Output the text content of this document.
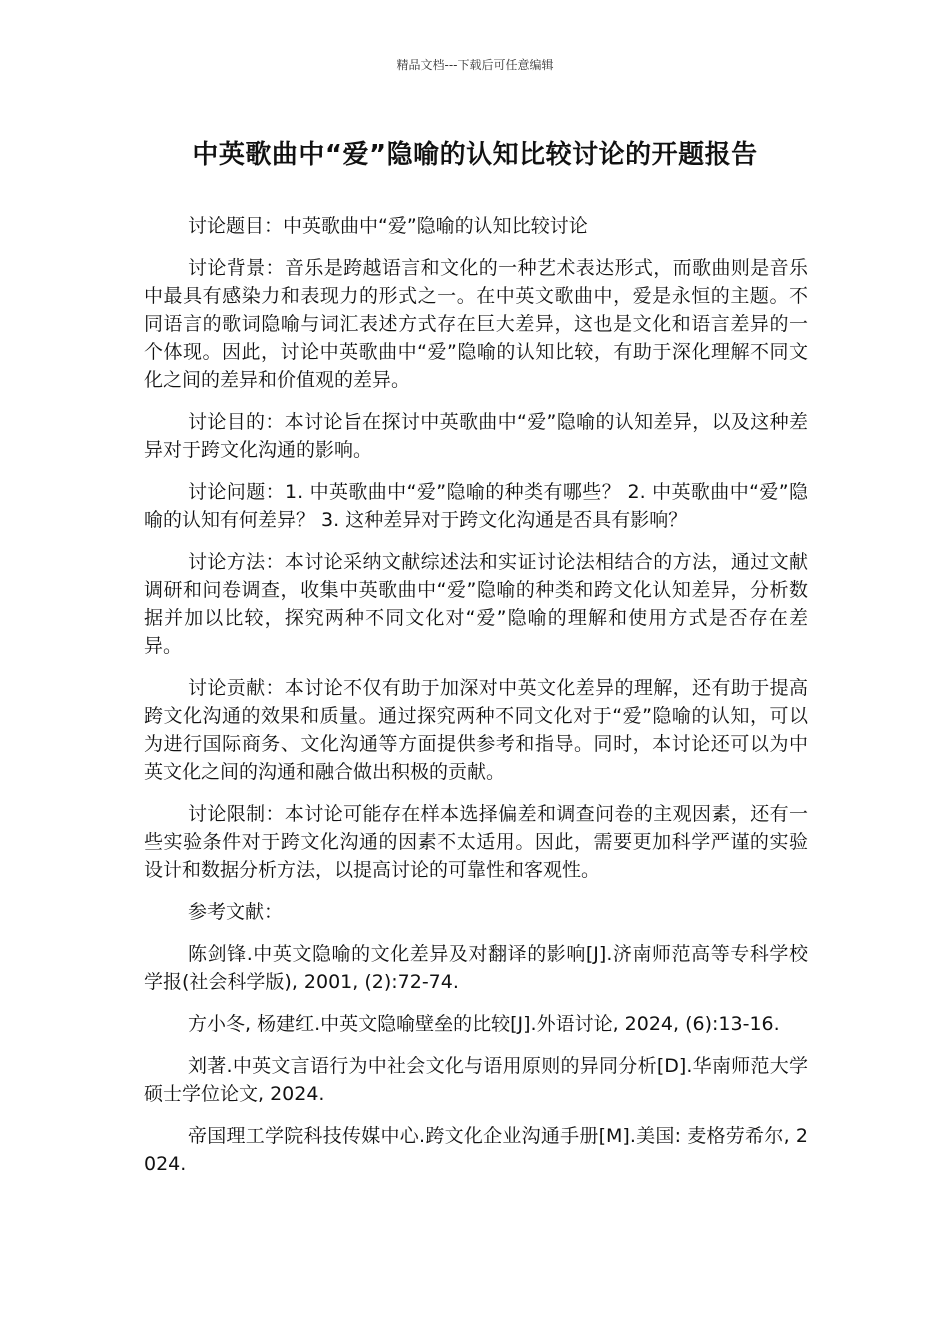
精品文档---下载后可任意编辑
中英歌曲中“爱”隐喻的认知比较讨论的开题报告

讨论题目：中英歌曲中“爱”隐喻的认知比较讨论

讨论背景：音乐是跨越语言和文化的一种艺术表达形式，而歌曲则是音乐中最具有感染力和表现力的形式之一。在中英文歌曲中，爱是永恒的主题。不同语言的歌词隐喻与词汇表述方式存在巨大差异，这也是文化和语言差异的一个体现。因此，讨论中英歌曲中“爱”隐喻的认知比较，有助于深化理解不同文化之间的差异和价值观的差异。

讨论目的：本讨论旨在探讨中英歌曲中“爱”隐喻的认知差异，以及这种差异对于跨文化沟通的影响。

讨论问题：1. 中英歌曲中“爱”隐喻的种类有哪些？ 2. 中英歌曲中“爱”隐喻的认知有何差异？ 3. 这种差异对于跨文化沟通是否具有影响？

讨论方法：本讨论采纳文献综述法和实证讨论法相结合的方法，通过文献调研和问卷调查，收集中英歌曲中“爱”隐喻的种类和跨文化认知差异，分析数据并加以比较，探究两种不同文化对“爱”隐喻的理解和使用方式是否存在差异。

讨论贡献：本讨论不仅有助于加深对中英文化差异的理解，还有助于提高跨文化沟通的效果和质量。通过探究两种不同文化对于“爱”隐喻的认知，可以为进行国际商务、文化沟通等方面提供参考和指导。同时，本讨论还可以为中英文化之间的沟通和融合做出积极的贡献。

讨论限制：本讨论可能存在样本选择偏差和调查问卷的主观因素，还有一些实验条件对于跨文化沟通的因素不太适用。因此，需要更加科学严谨的实验设计和数据分析方法，以提高讨论的可靠性和客观性。

参考文献：

陈剑锋.中英文隐喻的文化差异及对翻译的影响[J].济南师范高等专科学校学报(社会科学版), 2001, (2):72-74.

方小冬, 杨建红.中英文隐喻壁垒的比较[J].外语讨论, 2024, (6):13-16.

刘著.中英文言语行为中社会文化与语用原则的异同分析[D].华南师范大学硕士学位论文, 2024.

帝国理工学院科技传媒中心.跨文化企业沟通手册[M].美国: 麦格劳希尔, 2024.
